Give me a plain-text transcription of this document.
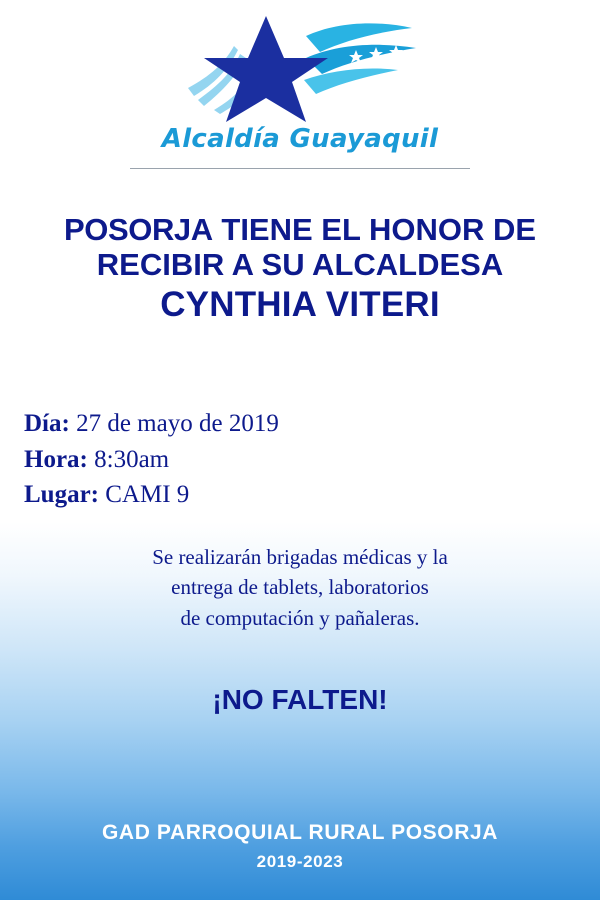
Alcaldía Guayaquil
POSORJA TIENE EL HONOR DE
RECIBIR A SU ALCALDESA
CYNTHIA VITERI
Día: 27 de mayo de 2019
Hora: 8:30am
Lugar: CAMI 9
Se realizarán brigadas médicas y la
entrega de tablets, laboratorios
de computación y pañaleras.
¡NO FALTEN!
GAD PARROQUIAL RURAL POSORJA
2019-2023
